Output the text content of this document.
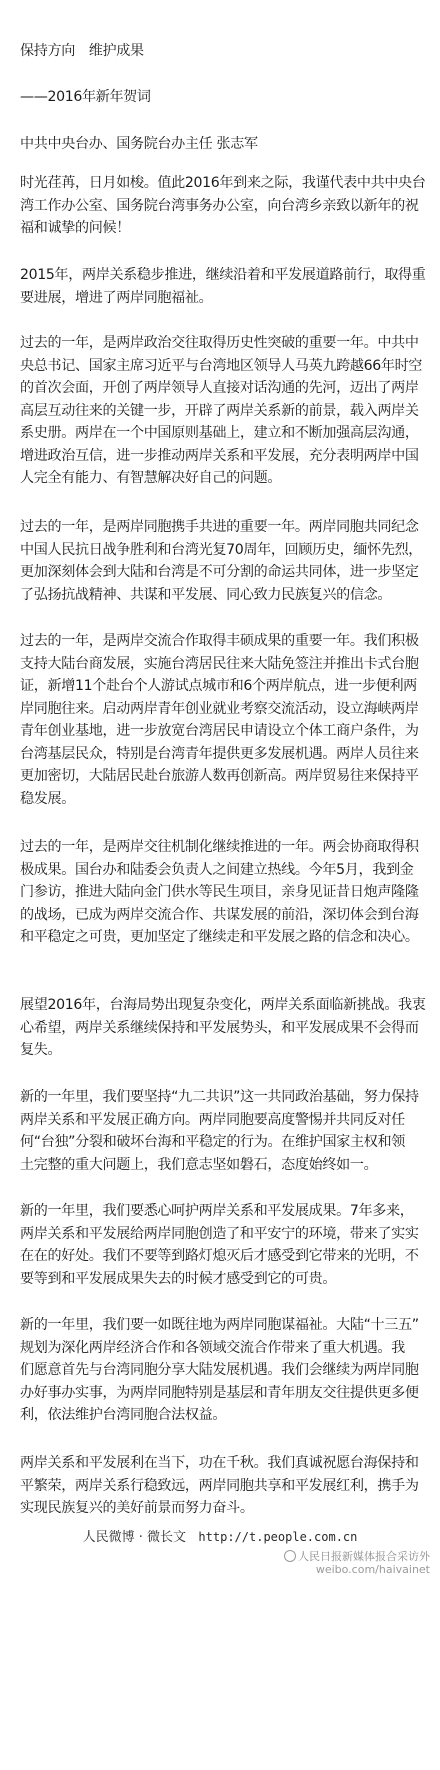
保持方向　维护成果
——2016年新年贺词
中共中央台办、国务院台办主任 张志军
时光荏苒，日月如梭。值此2016年到来之际，我谨代表中共中央台
湾工作办公室、国务院台湾事务办公室，向台湾乡亲致以新年的祝
福和诚挚的问候！
2015年，两岸关系稳步推进，继续沿着和平发展道路前行，取得重
要进展，增进了两岸同胞福祉。
过去的一年，是两岸政治交往取得历史性突破的重要一年。中共中
央总书记、国家主席习近平与台湾地区领导人马英九跨越66年时空
的首次会面，开创了两岸领导人直接对话沟通的先河，迈出了两岸
高层互动往来的关键一步，开辟了两岸关系新的前景，载入两岸关
系史册。两岸在一个中国原则基础上，建立和不断加强高层沟通，
增进政治互信，进一步推动两岸关系和平发展，充分表明两岸中国
人完全有能力、有智慧解决好自己的问题。
过去的一年，是两岸同胞携手共进的重要一年。两岸同胞共同纪念
中国人民抗日战争胜利和台湾光复70周年，回顾历史，缅怀先烈，
更加深刻体会到大陆和台湾是不可分割的命运共同体，进一步坚定
了弘扬抗战精神、共谋和平发展、同心致力民族复兴的信念。
过去的一年，是两岸交流合作取得丰硕成果的重要一年。我们积极
支持大陆台商发展，实施台湾居民往来大陆免签注并推出卡式台胞
证，新增11个赴台个人游试点城市和6个两岸航点，进一步便利两
岸同胞往来。启动两岸青年创业就业考察交流活动，设立海峡两岸
青年创业基地，进一步放宽台湾居民申请设立个体工商户条件，为
台湾基层民众，特别是台湾青年提供更多发展机遇。两岸人员往来
更加密切，大陆居民赴台旅游人数再创新高。两岸贸易往来保持平
稳发展。
过去的一年，是两岸交往机制化继续推进的一年。两会协商取得积
极成果。国台办和陆委会负责人之间建立热线。今年5月，我到金
门参访，推进大陆向金门供水等民生项目，亲身见证昔日炮声隆隆
的战场，已成为两岸交流合作、共谋发展的前沿，深切体会到台海
和平稳定之可贵，更加坚定了继续走和平发展之路的信念和决心。
展望2016年，台海局势出现复杂变化，两岸关系面临新挑战。我衷
心希望，两岸关系继续保持和平发展势头，和平发展成果不会得而
复失。
新的一年里，我们要坚持“九二共识”这一共同政治基础，努力保持
两岸关系和平发展正确方向。两岸同胞要高度警惕并共同反对任
何“台独”分裂和破坏台海和平稳定的行为。在维护国家主权和领
土完整的重大问题上，我们意志坚如磐石，态度始终如一。
新的一年里，我们要悉心呵护两岸关系和平发展成果。7年多来，
两岸关系和平发展给两岸同胞创造了和平安宁的环境，带来了实实
在在的好处。我们不要等到路灯熄灭后才感受到它带来的光明，不
要等到和平发展成果失去的时候才感受到它的可贵。
新的一年里，我们要一如既往地为两岸同胞谋福祉。大陆“十三五”
规划为深化两岸经济合作和各领域交流合作带来了重大机遇。我
们愿意首先与台湾同胞分享大陆发展机遇。我们会继续为两岸同胞
办好事办实事，为两岸同胞特别是基层和青年朋友交往提供更多便
利，依法维护台湾同胞合法权益。
两岸关系和平发展利在当下，功在千秋。我们真诚祝愿台海保持和
平繁荣，两岸关系行稳致远，两岸同胞共享和平发展红利，携手为
实现民族复兴的美好前景而努力奋斗。
人民微博 · 微长文 http://t.people.com.cn
人民日报新媒体报合采访外
weibo.com/haivainet
